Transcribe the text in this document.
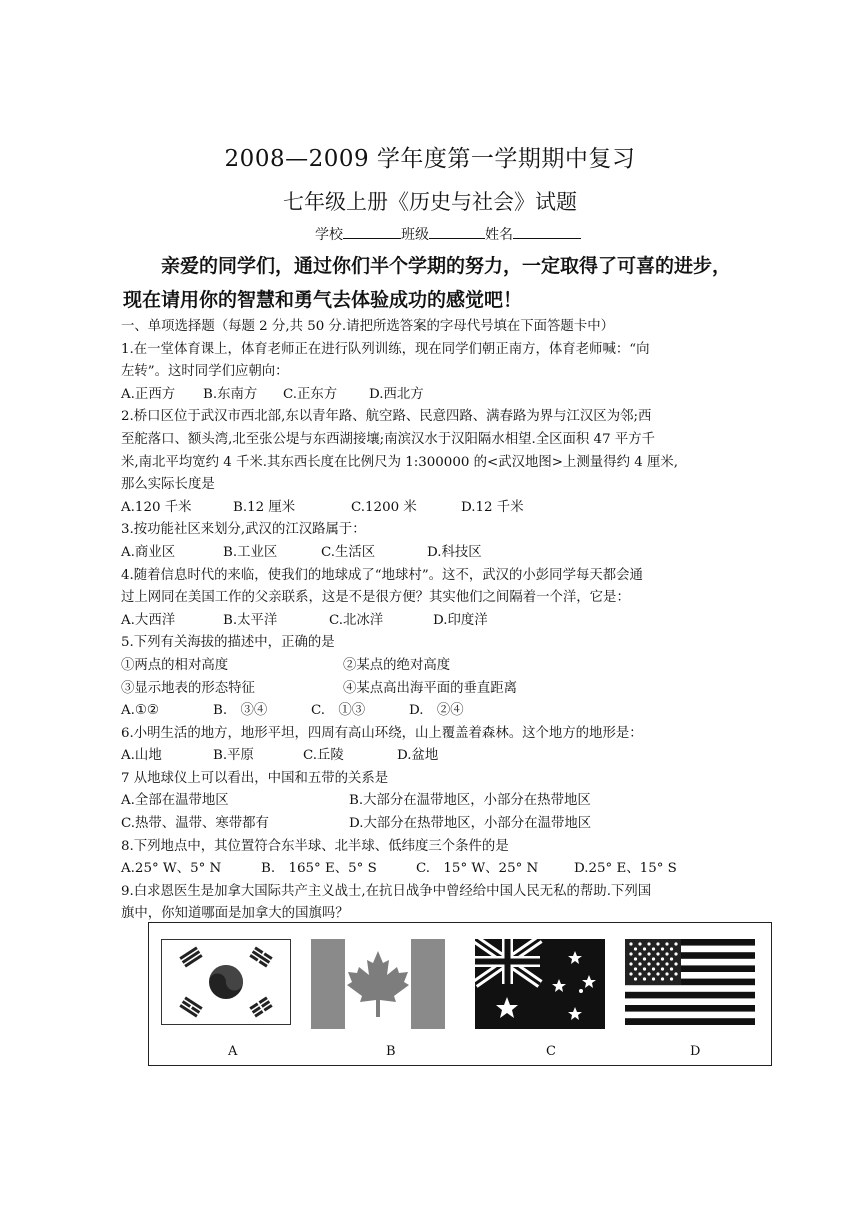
2008—2009 学年度第一学期期中复习
七年级上册《历史与社会》试题
学校	班级	姓名
亲爱的同学们，通过你们半个学期的努力，一定取得了可喜的进步，现在请用你的智慧和勇气去体验成功的感觉吧！
一、单项选择题（每题 2 分,共 50 分.请把所选答案的字母代号填在下面答题卡中）
1.在一堂体育课上，体育老师正在进行队列训练，现在同学们朝正南方，体育老师喊：“向
左转”。这时同学们应朝向：
A.正西方 B.东南方 C.正东方 D.西北方
2.桥口区位于武汉市西北部,东以青年路、航空路、民意四路、满春路为界与江汉区为邻;西
至舵落口、额头湾,北至张公堤与东西湖接壤;南滨汉水于汉阳隔水相望.全区面积 47 平方千
米,南北平均宽约 4 千米.其东西长度在比例尺为 1:300000 的<武汉地图>上测量得约 4 厘米,
那么实际长度是
A.120 千米	B.12 厘米	C.1200 米	D.12 千米
3.按功能社区来划分,武汉的江汉路属于：
A.商业区	B.工业区	C.生活区	D.科技区
4.随着信息时代的来临，使我们的地球成了“地球村”。这不，武汉的小彭同学每天都会通
过上网同在美国工作的父亲联系，这是不是很方便？其实他们之间隔着一个洋，它是：
A.大西洋	B.太平洋	C.北冰洋	D.印度洋
5.下列有关海拔的描述中，正确的是
①两点的相对高度	②某点的绝对高度
③显示地表的形态特征	④某点高出海平面的垂直距离
A.①②	B.　③④	C.　①③	D.　②④
6.小明生活的地方，地形平坦，四周有高山环绕，山上覆盖着森林。这个地方的地形是：
A.山地	B.平原	C.丘陵	D.盆地
7 从地球仪上可以看出，中国和五带的关系是
A.全部在温带地区	B.大部分在温带地区，小部分在热带地区
C.热带、温带、寒带都有	D.大部分在热带地区，小部分在温带地区
8.下列地点中，其位置符合东半球、北半球、低纬度三个条件的是
A.25° W、5° N	B.　165° E、5° S	C.　15° W、25° N	D.25° E、15° S
9.白求恩医生是加拿大国际共产主义战士,在抗日战争中曾经给中国人民无私的帮助.下列国
旗中，你知道哪面是加拿大的国旗吗？
A	B	C	D
